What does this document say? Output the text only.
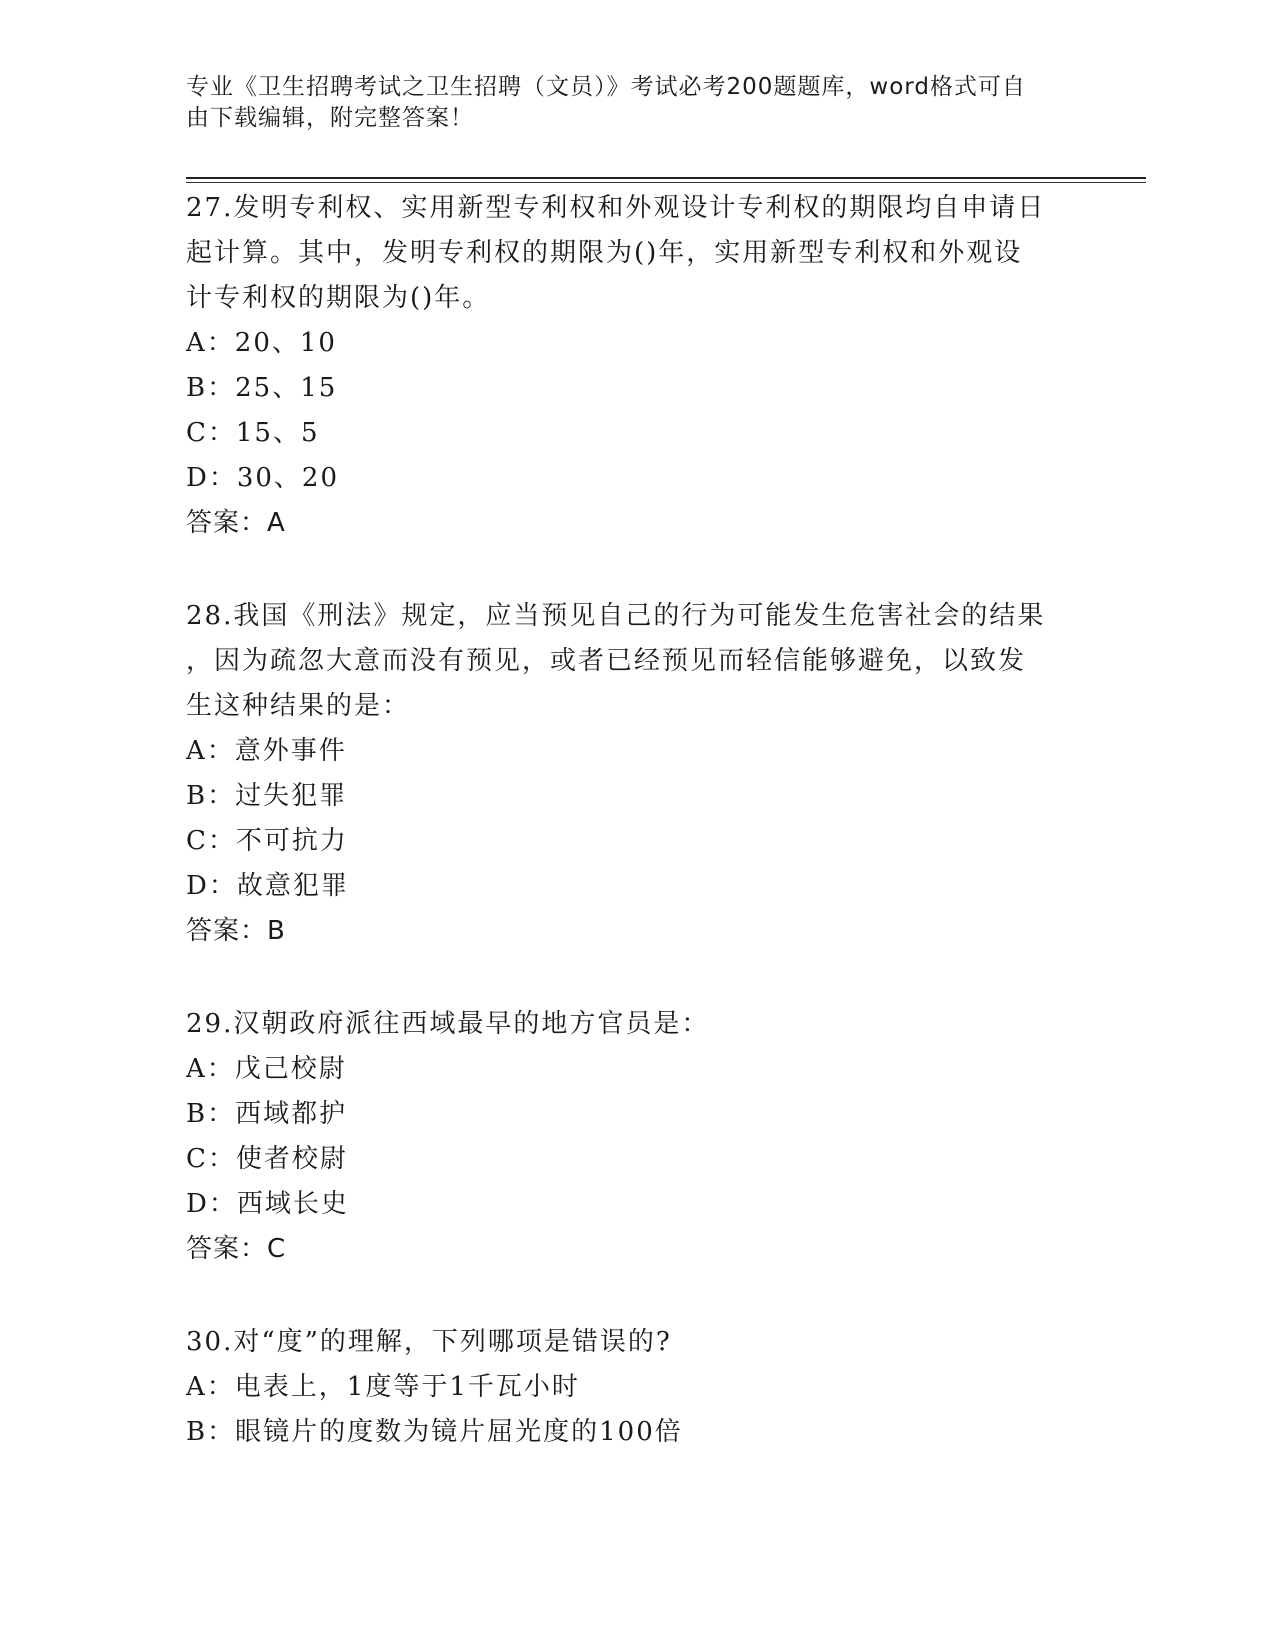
专业《卫生招聘考试之卫生招聘（文员）》考试必考200题题库，word格式可自
由下载编辑，附完整答案！

27.发明专利权、实用新型专利权和外观设计专利权的期限均自申请日

起计算。其中，发明专利权的期限为()年，实用新型专利权和外观设

计专利权的期限为()年。

A：20、10

B：25、15

C：15、5

D：30、20

答案：A

28.我国《刑法》规定，应当预见自己的行为可能发生危害社会的结果

，因为疏忽大意而没有预见，或者已经预见而轻信能够避免，以致发

生这种结果的是：

A：意外事件

B：过失犯罪

C：不可抗力

D：故意犯罪

答案：B

29.汉朝政府派往西域最早的地方官员是：

A：戊己校尉

B：西域都护

C：使者校尉

D：西域长史

答案：C

30.对“度”的理解，下列哪项是错误的?

A：电表上，1度等于1千瓦小时

B：眼镜片的度数为镜片屈光度的100倍
